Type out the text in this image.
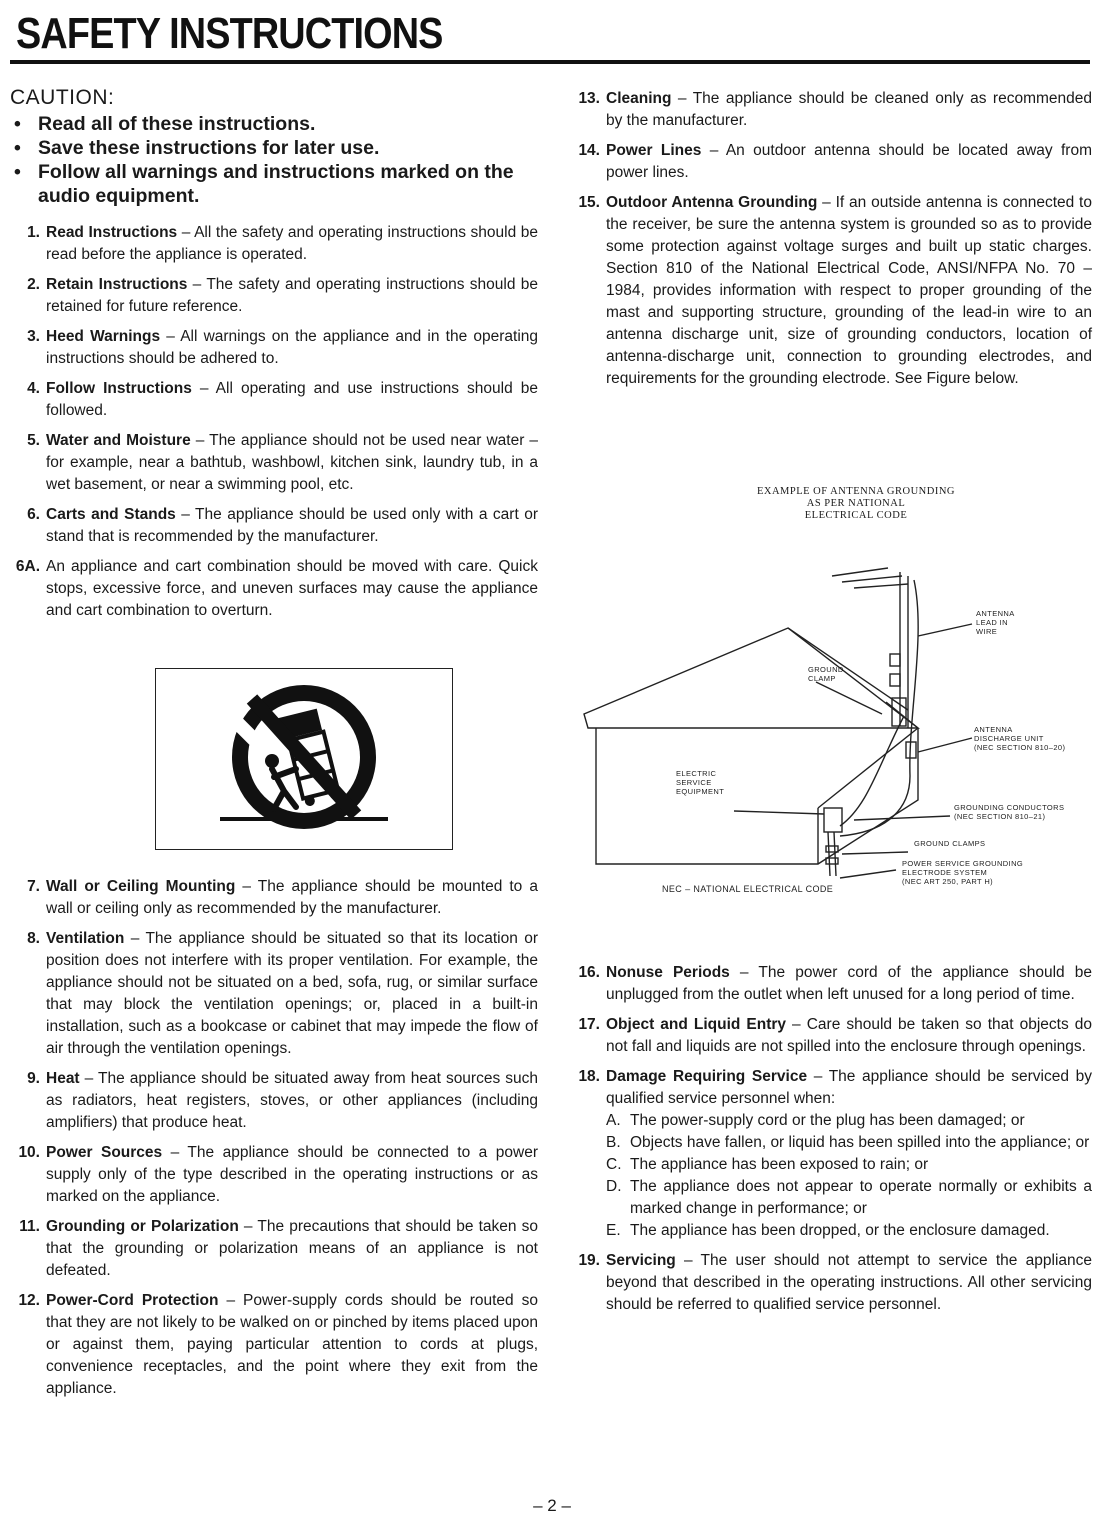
SAFETY INSTRUCTIONS
CAUTION:
• Read all of these instructions.
• Save these instructions for later use.
• Follow all warnings and instructions marked on the audio equipment.
1. Read Instructions – All the safety and operating instructions should be read before the appliance is operated.
2. Retain Instructions – The safety and operating instructions should be retained for future reference.
3. Heed Warnings – All warnings on the appliance and in the operating instructions should be adhered to.
4. Follow Instructions – All operating and use instructions should be followed.
5. Water and Moisture – The appliance should not be used near water – for example, near a bathtub, washbowl, kitchen sink, laundry tub, in a wet basement, or near a swimming pool, etc.
6. Carts and Stands – The appliance should be used only with a cart or stand that is recommended by the manufacturer.
6A. An appliance and cart combination should be moved with care. Quick stops, excessive force, and uneven surfaces may cause the appliance and cart combination to overturn.
7. Wall or Ceiling Mounting – The appliance should be mounted to a wall or ceiling only as recommended by the manufacturer.
8. Ventilation – The appliance should be situated so that its location or position does not interfere with its proper ventilation. For example, the appliance should not be situated on a bed, sofa, rug, or similar surface that may block the ventilation openings; or, placed in a built-in installation, such as a bookcase or cabinet that may impede the flow of air through the ventilation openings.
9. Heat – The appliance should be situated away from heat sources such as radiators, heat registers, stoves, or other appliances (including amplifiers) that produce heat.
10. Power Sources – The appliance should be connected to a power supply only of the type described in the operating instructions or as marked on the appliance.
11. Grounding or Polarization – The precautions that should be taken so that the grounding or polarization means of an appliance is not defeated.
12. Power-Cord Protection – Power-supply cords should be routed so that they are not likely to be walked on or pinched by items placed upon or against them, paying particular attention to cords at plugs, convenience receptacles, and the point where they exit from the appliance.
13. Cleaning – The appliance should be cleaned only as recommended by the manufacturer.
14. Power Lines – An outdoor antenna should be located away from power lines.
15. Outdoor Antenna Grounding – If an outside antenna is connected to the receiver, be sure the antenna system is grounded so as to provide some protection against voltage surges and built up static charges. Section 810 of the National Electrical Code, ANSI/NFPA No. 70 – 1984, provides information with respect to proper grounding of the mast and supporting structure, grounding of the lead-in wire to an antenna discharge unit, size of grounding conductors, location of antenna-discharge unit, connection to grounding electrodes, and requirements for the grounding electrode. See Figure below.
EXAMPLE OF ANTENNA GROUNDING
AS PER NATIONAL
ELECTRICAL CODE
ANTENNA
LEAD IN
WIRE
GROUND
CLAMP
ANTENNA
DISCHARGE UNIT
(NEC SECTION 810–20)
ELECTRIC
SERVICE
EQUIPMENT
GROUNDING CONDUCTORS
(NEC SECTION 810–21)
GROUND CLAMPS
POWER SERVICE GROUNDING
ELECTRODE SYSTEM
(NEC ART 250, PART H)
NEC – NATIONAL ELECTRICAL CODE
16. Nonuse Periods – The power cord of the appliance should be unplugged from the outlet when left unused for a long period of time.
17. Object and Liquid Entry – Care should be taken so that objects do not fall and liquids are not spilled into the enclosure through openings.
18. Damage Requiring Service – The appliance should be serviced by qualified service personnel when:
A. The power-supply cord or the plug has been damaged; or
B. Objects have fallen, or liquid has been spilled into the appliance; or
C. The appliance has been exposed to rain; or
D. The appliance does not appear to operate normally or exhibits a marked change in performance; or
E. The appliance has been dropped, or the enclosure damaged.
19. Servicing – The user should not attempt to service the appliance beyond that described in the operating instructions. All other servicing should be referred to qualified service personnel.
– 2 –
